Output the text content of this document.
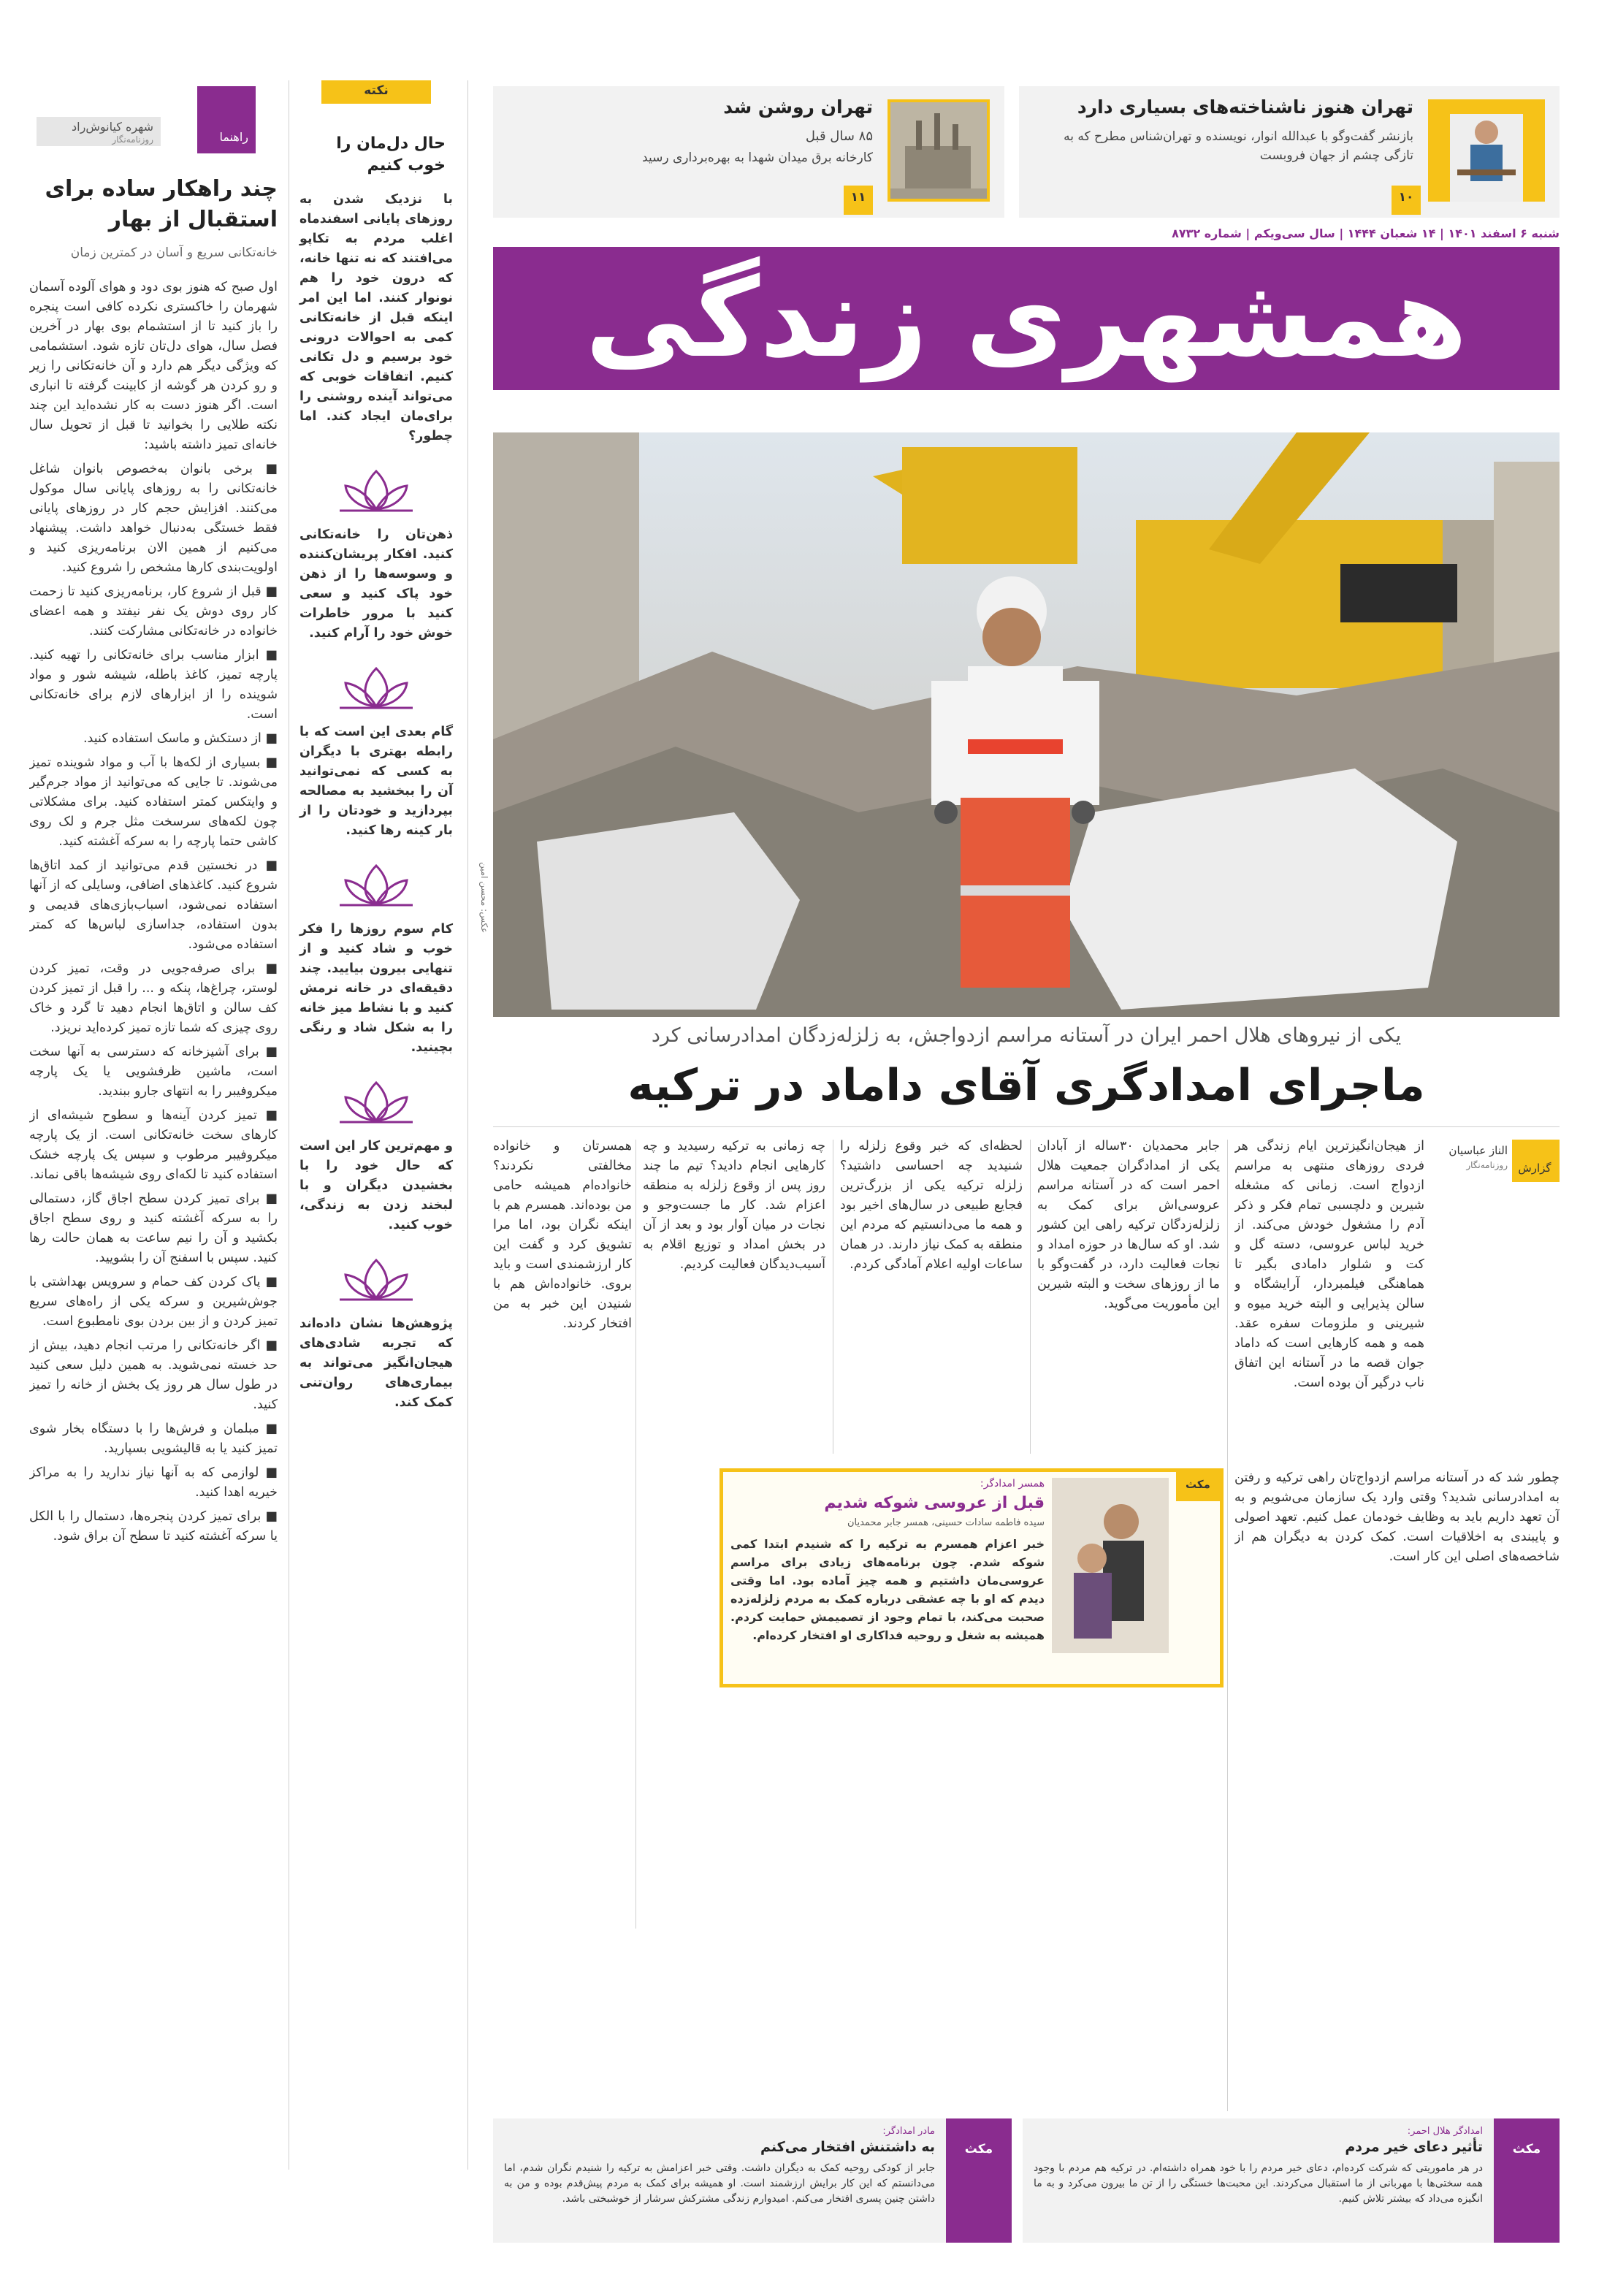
شهره کیانوش‌راد
روزنامه‌نگار	راهنما
چند راهکار ساده برای استقبال از بهار
خانه‌تکانی سریع و آسان در کمترین زمان

اول صبح که هنوز بوی دود و هوای آلوده آسمان شهرمان را خاکستری نکرده کافی است پنجره را باز کنید تا از استشمام بوی بهار در آخرین فصل سال، هوای دل‌تان تازه شود. استشمامی که ویژگی دیگر هم دارد و آن خانه‌تکانی را زیر و رو کردن هر گوشه از کابینت گرفته تا انباری است. اگر هنوز دست به کار نشده‌اید این چند نکته طلایی را بخوانید تا قبل از تحویل سال خانه‌ای تمیز داشته باشید:

■ برخی بانوان به‌خصوص بانوان شاغل خانه‌تکانی را به روزهای پایانی سال موکول می‌کنند. افزایش حجم کار در روزهای پایانی فقط خستگی به‌دنبال خواهد داشت. پیشنهاد می‌کنیم از همین الان برنامه‌ریزی کنید و اولویت‌بندی کارها مشخص را شروع کنید.

■ قبل از شروع کار، برنامه‌ریزی کنید تا زحمت کار روی دوش یک نفر نیفتد و همه اعضای خانواده در خانه‌تکانی مشارکت کنند.

■ ابزار مناسب برای خانه‌تکانی را تهیه کنید. پارچه تمیز، کاغذ باطله، شیشه شور و مواد شوینده را از ابزارهای لازم برای خانه‌تکانی است.

■ از دستکش و ماسک استفاده کنید.

■ بسیاری از لکه‌ها با آب و مواد شوینده تمیز می‌شوند. تا جایی که می‌توانید از مواد جرم‌گیر و وایتکس کمتر استفاده کنید. برای مشکلاتی چون لکه‌های سرسخت مثل جرم و لک روی کاشی حتما پارچه را به سرکه آغشته کنید.

■ در نخستین قدم می‌توانید از کمد اتاق‌ها شروع کنید. کاغذهای اضافی، وسایلی که از آنها استفاده نمی‌شود، اسباب‌بازی‌های قدیمی و بدون استفاده، جداسازی لباس‌ها که کمتر استفاده می‌شود.

■ برای صرفه‌جویی در وقت، تمیز کردن لوستر، چراغ‌ها، پنکه و ... را قبل از تمیز کردن کف سالن و اتاق‌ها انجام دهید تا گرد و خاک روی چیزی که شما تازه تمیز کرده‌اید نریزد.

■ برای آشپزخانه که دسترسی به آنها سخت است، ماشین ظرفشویی یا یک پارچه میکروفیبر را به انتهای جارو ببندید.

■ تمیز کردن آینه‌ها و سطوح شیشه‌ای از کارهای سخت خانه‌تکانی است. از یک پارچه میکروفیبر مرطوب و سپس یک پارچه خشک استفاده کنید تا لکه‌ای روی شیشه‌ها باقی نماند.

■ برای تمیز کردن سطح اجاق گاز، دستمالی را به سرکه آغشته کنید و روی سطح اجاق بکشید و آن را نیم ساعت به همان حالت رها کنید. سپس با اسفنج آن را بشویید.

■ پاک کردن کف حمام و سرویس بهداشتی با جوش‌شیرین و سرکه یکی از راه‌های سریع تمیز کردن و از بین بردن بوی نامطبوع است.

■ اگر خانه‌تکانی را مرتب انجام دهید، بیش از حد خسته نمی‌شوید. به همین دلیل سعی کنید در طول سال هر روز یک بخش از خانه را تمیز کنید.

■ مبلمان و فرش‌ها را با دستگاه بخار شوی تمیز کنید یا به قالیشویی بسپارید.

■ لوازمی که به آنها نیاز ندارید را به مراکز خیریه اهدا کنید.

■ برای تمیز کردن پنجره‌ها، دستمال را با الکل یا سرکه آغشته کنید تا سطح آن براق شود.

نکته
حال دل‌مان را خوب کنیم
با نزدیک شدن به روزهای پایانی اسفندماه اغلب مردم به تکاپو می‌افتند که نه تنها خانه، که درون خود را هم نونوار کنند. اما این امر اینکه قبل از خانه‌تکانی کمی به احوالات درونی خود برسیم و دل تکانی کنیم. اتفاقات خوبی که می‌تواند آینده روشنی را برای‌مان ایجاد کند. اما چطور؟
ذهن‌تان را خانه‌تکانی کنید. افکار پریشان‌کننده و وسوسه‌ها را از ذهن خود پاک کنید و سعی کنید با مرور خاطرات خوش خود را آرام کنید.
گام بعدی این است که با رابطه بهتری با دیگران به کسی که نمی‌توانید آن را ببخشید به مصالحه بپردازید و خودتان را از بار کینه رها کنید.
کام سوم روزها را فکر خوب و شاد کنید و از تنهایی بیرون بیایید. چند دقیقه‌ای در خانه نرمش کنید و با نشاط میز خانه را به شکل شاد و رنگی بچینید.
و مهم‌ترین کار این است که حال خود را با بخشیدن دیگران و با لبخند زدن به زندگی، خوب کنید.
پژوهش‌ها نشان داده‌اند که تجربه شادی‌های هیجان‌انگیز می‌تواند به بیماری‌های روان‌تنی کمک کند.
تهران روشن شد
۸۵ سال قبل
کارخانه برق میدان شهدا به بهره‌برداری رسید
۱۱
تهران هنوز ناشناخته‌های بسیاری دارد
بازنشر گفت‌وگو با عبدالله انوار، نویسنده و تهران‌شناس مطرح که به تازگی چشم از جهان فروبست
۱۰
شنبه ۶ اسفند ۱۴۰۱ | ۱۴ شعبان ۱۴۴۴ | سال سی‌ویکم | شماره ۸۷۳۲
همشهری زندگی
عکس: محسن امین
یکی از نیروهای هلال احمر ایران در آستانه مراسم ازدواجش، به زلزله‌زدگان امدادرسانی کرد
ماجرای امدادگری آقای داماد در ترکیه
گزارش
الناز عباسیان
روزنامه‌نگار
از هیجان‌انگیزترین ایام زندگی هر فردی روزهای منتهی به مراسم ازدواج است. زمانی که مشغله شیرین و دلچسبی تمام فکر و ذکر آدم را مشغول خودش می‌کند. از خرید لباس عروسی، دسته گل و کت و شلوار دامادی بگیر تا هماهنگی فیلمبردار، آرایشگاه و سالن پذیرایی و البته خرید میوه و شیرینی و ملزومات سفره عقد. همه و همه کارهایی است که داماد جوان قصه ما در آستانه این اتفاق ناب درگیر آن بوده است.
چطور شد که در آستانه مراسم ازدواج‌تان راهی ترکیه و رفتن به امدادرسانی شدید؟ وقتی وارد یک سازمان می‌شویم و به آن تعهد داریم باید به وظایف خودمان عمل کنیم. تعهد اصولی و پایبندی به اخلاقیات است. کمک کردن به دیگران هم از شاخصه‌های اصلی این کار است.
جابر محمدیان ۳۰ساله از آبادان یکی از امدادگران جمعیت هلال احمر است که در آستانه مراسم عروسی‌اش برای کمک به زلزله‌زدگان ترکیه راهی این کشور شد. او که سال‌ها در حوزه امداد و نجات فعالیت دارد، در گفت‌وگو با ما از روزهای سخت و البته شیرین این مأموریت می‌گوید.
لحظه‌ای که خبر وقوع زلزله را شنیدید چه احساسی داشتید؟ زلزله ترکیه یکی از بزرگ‌ترین فجایع طبیعی در سال‌های اخیر بود و همه ما می‌دانستیم که مردم این منطقه به کمک نیاز دارند. در همان ساعات اولیه اعلام آمادگی کردم.
چه زمانی به ترکیه رسیدید و چه کارهایی انجام دادید؟ تیم ما چند روز پس از وقوع زلزله به منطقه اعزام شد. کار ما جست‌وجو و نجات در میان آوار بود و بعد از آن در بخش امداد و توزیع اقلام به آسیب‌دیدگان فعالیت کردیم.
همسرتان و خانواده مخالفتی نکردند؟ خانواده‌ام همیشه حامی من بوده‌اند. همسرم هم با اینکه نگران بود، اما مرا تشویق کرد و گفت این کار ارزشمندی است و باید بروی. خانواده‌اش هم با شنیدن این خبر به من افتخار کردند.
مکث
همسر امدادگر:
قبل از عروسی شوکه شدیم
سیده فاطمه سادات حسینی، همسر جابر محمدیان
خبر اعزام همسرم به ترکیه را که شنیدم ابتدا کمی شوکه شدم. چون برنامه‌های زیادی برای مراسم عروسی‌مان داشتیم و همه چیز آماده بود. اما وقتی دیدم که او با چه عشقی درباره کمک به مردم زلزله‌زده صحبت می‌کند، با تمام وجود از تصمیمش حمایت کردم. همیشه به شغل و روحیه فداکاری او افتخار کرده‌ام.
مکث
مادر امدادگر:
به داشتنش افتخار می‌کنم
جابر از کودکی روحیه کمک به دیگران داشت. وقتی خبر اعزامش به ترکیه را شنیدم نگران شدم، اما می‌دانستم که این کار برایش ارزشمند است. او همیشه برای کمک به مردم پیش‌قدم بوده و من به داشتن چنین پسری افتخار می‌کنم. امیدوارم زندگی مشترکش سرشار از خوشبختی باشد.
مکث
امدادگر هلال احمر:
تأثیر دعای خیر مردم
در هر ماموریتی که شرکت کرده‌ام، دعای خیر مردم را با خود همراه داشته‌ام. در ترکیه هم مردم با وجود همه سختی‌ها با مهربانی از ما استقبال می‌کردند. این محبت‌ها خستگی را از تن ما بیرون می‌کرد و به ما انگیزه می‌داد که بیشتر تلاش کنیم.
